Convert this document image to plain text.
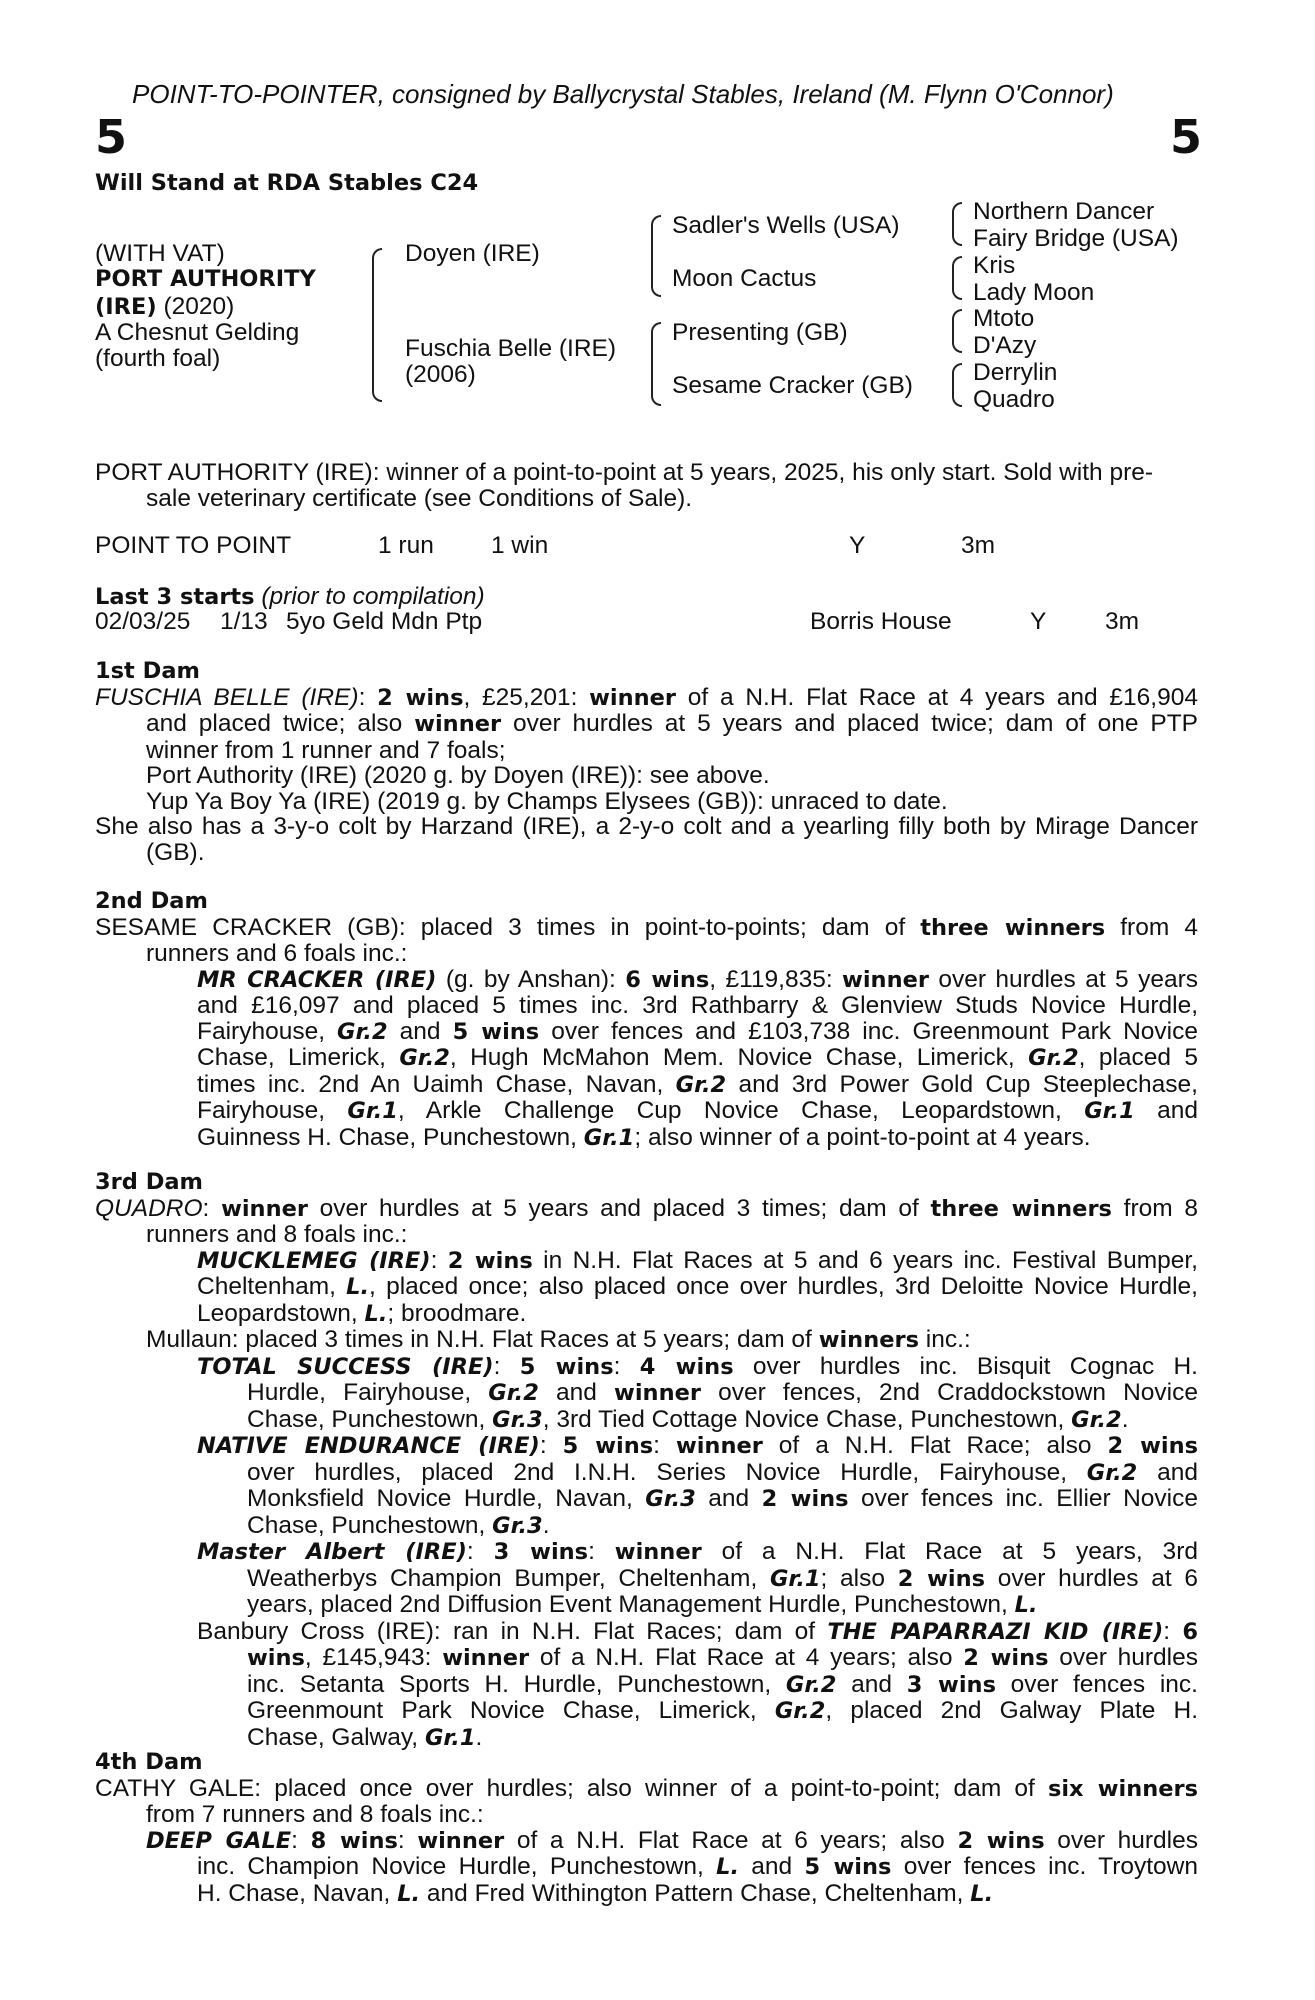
POINT-TO-POINTER, consigned by Ballycrystal Stables, Ireland (M. Flynn O'Connor)
5	5
Will Stand at RDA Stables C24
(WITH VAT)
PORT AUTHORITY
(IRE) (2020)
A Chesnut Gelding
(fourth foal)
Doyen (IRE)
Fuschia Belle (IRE)
(2006)
Sadler's Wells (USA)
Moon Cactus
Presenting (GB)
Sesame Cracker (GB)
Northern Dancer
Fairy Bridge (USA)
Kris
Lady Moon
Mtoto
D'Azy
Derrylin
Quadro
PORT AUTHORITY (IRE): winner of a point-to-point at 5 years, 2025, his only start. Sold with pre-
sale veterinary certificate (see Conditions of Sale).
POINT TO POINT	1 run 1 win	Y	3m
Last 3 starts (prior to compilation)
02/03/25 1/13 5yo Geld Mdn Ptp	Borris House	Y 3m
1st Dam
FUSCHIA BELLE (IRE): 2 wins, £25,201: winner of a N.H. Flat Race at 4 years and £16,904
and placed twice; also winner over hurdles at 5 years and placed twice; dam of one PTP
winner from 1 runner and 7 foals;
Port Authority (IRE) (2020 g. by Doyen (IRE)): see above.
Yup Ya Boy Ya (IRE) (2019 g. by Champs Elysees (GB)): unraced to date.
She also has a 3-y-o colt by Harzand (IRE), a 2-y-o colt and a yearling filly both by Mirage Dancer
(GB).
2nd Dam
SESAME CRACKER (GB): placed 3 times in point-to-points; dam of three winners from 4
runners and 6 foals inc.:
MR CRACKER (IRE) (g. by Anshan): 6 wins, £119,835: winner over hurdles at 5 years
and £16,097 and placed 5 times inc. 3rd Rathbarry & Glenview Studs Novice Hurdle,
Fairyhouse, Gr.2 and 5 wins over fences and £103,738 inc. Greenmount Park Novice
Chase, Limerick, Gr.2, Hugh McMahon Mem. Novice Chase, Limerick, Gr.2, placed 5
times inc. 2nd An Uaimh Chase, Navan, Gr.2 and 3rd Power Gold Cup Steeplechase,
Fairyhouse, Gr.1, Arkle Challenge Cup Novice Chase, Leopardstown, Gr.1 and
Guinness H. Chase, Punchestown, Gr.1; also winner of a point-to-point at 4 years.
3rd Dam
QUADRO: winner over hurdles at 5 years and placed 3 times; dam of three winners from 8
runners and 8 foals inc.:
MUCKLEMEG (IRE): 2 wins in N.H. Flat Races at 5 and 6 years inc. Festival Bumper,
Cheltenham, L., placed once; also placed once over hurdles, 3rd Deloitte Novice Hurdle,
Leopardstown, L.; broodmare.
Mullaun: placed 3 times in N.H. Flat Races at 5 years; dam of winners inc.:
TOTAL SUCCESS (IRE): 5 wins: 4 wins over hurdles inc. Bisquit Cognac H.
Hurdle, Fairyhouse, Gr.2 and winner over fences, 2nd Craddockstown Novice
Chase, Punchestown, Gr.3, 3rd Tied Cottage Novice Chase, Punchestown, Gr.2.
NATIVE ENDURANCE (IRE): 5 wins: winner of a N.H. Flat Race; also 2 wins
over hurdles, placed 2nd I.N.H. Series Novice Hurdle, Fairyhouse, Gr.2 and
Monksfield Novice Hurdle, Navan, Gr.3 and 2 wins over fences inc. Ellier Novice
Chase, Punchestown, Gr.3.
Master Albert (IRE): 3 wins: winner of a N.H. Flat Race at 5 years, 3rd
Weatherbys Champion Bumper, Cheltenham, Gr.1; also 2 wins over hurdles at 6
years, placed 2nd Diffusion Event Management Hurdle, Punchestown, L.
Banbury Cross (IRE): ran in N.H. Flat Races; dam of THE PAPARRAZI KID (IRE): 6
wins, £145,943: winner of a N.H. Flat Race at 4 years; also 2 wins over hurdles
inc. Setanta Sports H. Hurdle, Punchestown, Gr.2 and 3 wins over fences inc.
Greenmount Park Novice Chase, Limerick, Gr.2, placed 2nd Galway Plate H.
Chase, Galway, Gr.1.
4th Dam
CATHY GALE: placed once over hurdles; also winner of a point-to-point; dam of six winners
from 7 runners and 8 foals inc.:
DEEP GALE: 8 wins: winner of a N.H. Flat Race at 6 years; also 2 wins over hurdles
inc. Champion Novice Hurdle, Punchestown, L. and 5 wins over fences inc. Troytown
H. Chase, Navan, L. and Fred Withington Pattern Chase, Cheltenham, L.
